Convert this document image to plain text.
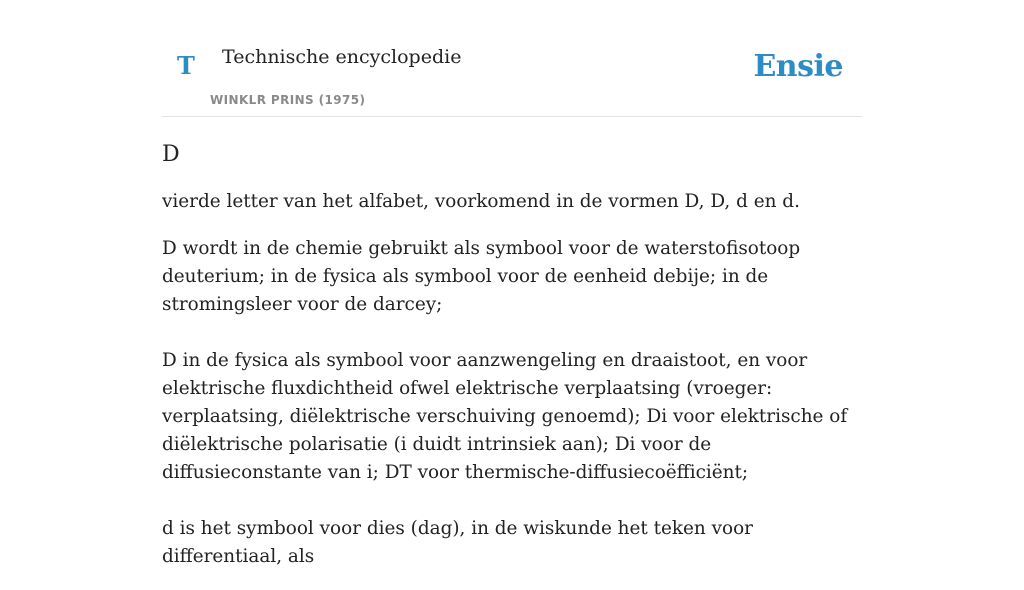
T Technische encyclopedie
WINKLR PRINS (1975)
Ensie
D

vierde letter van het alfabet, voorkomend in de vormen D, D, d en d.

D wordt in de chemie gebruikt als symbool voor de waterstofisotoop deuterium; in de fysica als symbool voor de eenheid debije; in de stromingsleer voor de darcey;

D in de fysica als symbool voor aanzwengeling en draaistoot, en voor elektrische fluxdichtheid ofwel elektrische verplaatsing (vroeger: verplaatsing, diëlektrische verschuiving genoemd); Di voor elektrische of diëlektrische polarisatie (i duidt intrinsiek aan); Di voor de diffusieconstante van i; DT voor thermische-diffusiecoëfficiënt;

d is het symbool voor dies (dag), in de wiskunde het teken voor differentiaal, als
